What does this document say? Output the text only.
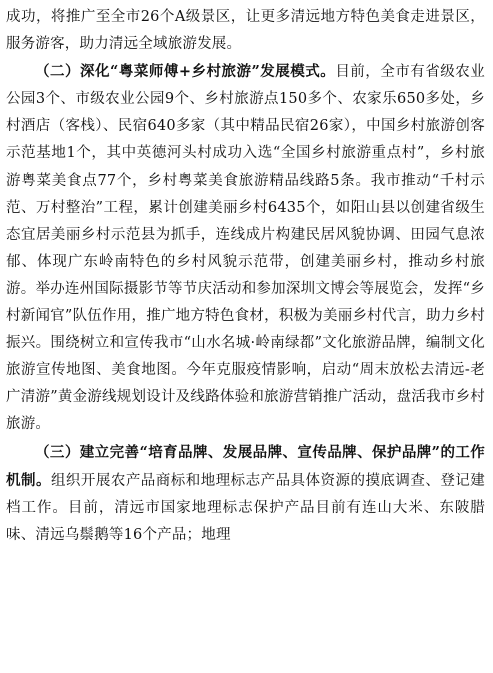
成功，将推广至全市26个A级景区，让更多清远地方特色美食走进景区，服务游客，助力清远全域旅游发展。

（二）深化“粤菜师傅+乡村旅游”发展模式。目前，全市有省级农业公园3个、市级农业公园9个、乡村旅游点150多个、农家乐650多处，乡村酒店（客栈）、民宿640多家（其中精品民宿26家），中国乡村旅游创客示范基地1个，其中英德河头村成功入选“全国乡村旅游重点村”，乡村旅游粤菜美食点77个，乡村粤菜美食旅游精品线路5条。我市推动“千村示范、万村整治”工程，累计创建美丽乡村6435个，如阳山县以创建省级生态宜居美丽乡村示范县为抓手，连线成片构建民居风貌协调、田园气息浓郁、体现广东岭南特色的乡村风貌示范带，创建美丽乡村，推动乡村旅游。举办连州国际摄影节等节庆活动和参加深圳文博会等展览会，发挥“乡村新闻官”队伍作用，推广地方特色食材，积极为美丽乡村代言，助力乡村振兴。围绕树立和宣传我市“山水名城·岭南绿都”文化旅游品牌，编制文化旅游宣传地图、美食地图。今年克服疫情影响，启动“周末放松去清远-老广清游”黄金游线规划设计及线路体验和旅游营销推广活动，盘活我市乡村旅游。

（三）建立完善“培育品牌、发展品牌、宣传品牌、保护品牌”的工作机制。组织开展农产品商标和地理标志产品具体资源的摸底调查、登记建档工作。目前，清远市国家地理标志保护产品目前有连山大米、东陂腊味、清远乌鬃鹅等16个产品；地理
